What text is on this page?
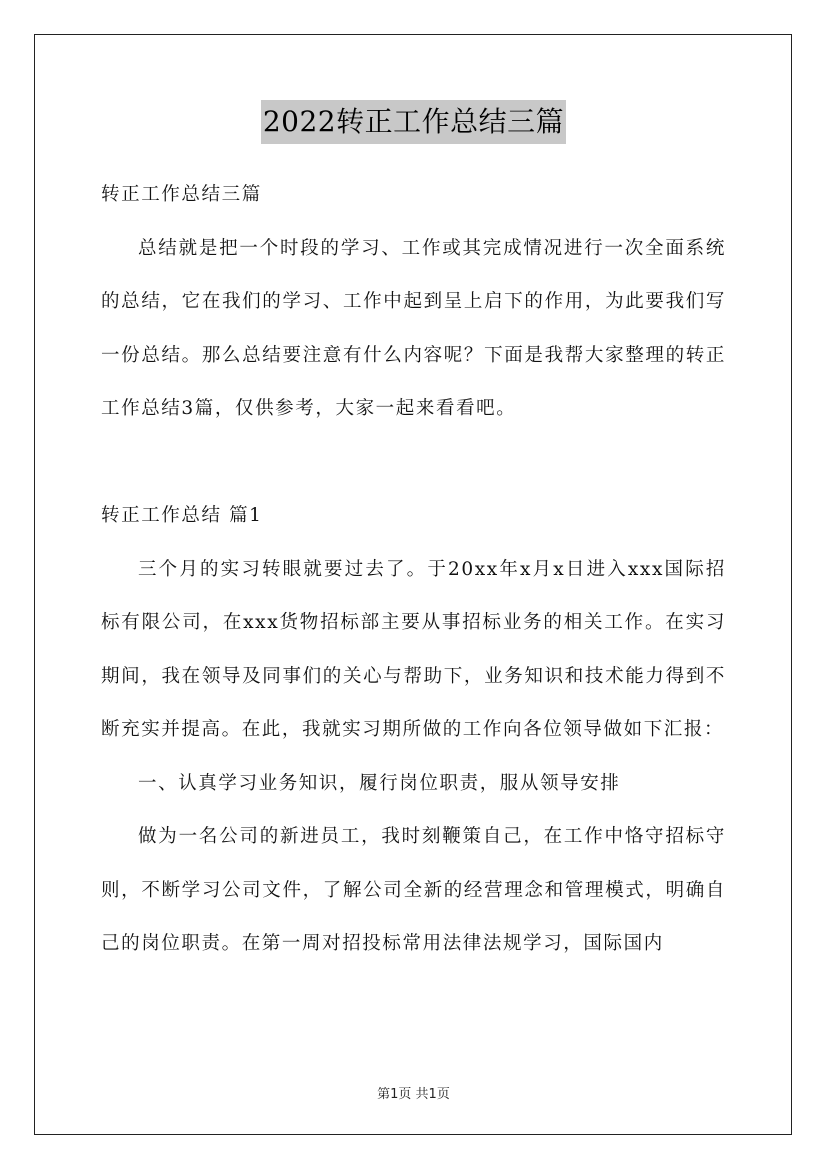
2022转正工作总结三篇

转正工作总结三篇

总结就是把一个时段的学习、工作或其完成情况进行一次全面系统的总结，它在我们的学习、工作中起到呈上启下的作用，为此要我们写一份总结。那么总结要注意有什么内容呢？下面是我帮大家整理的转正工作总结3篇，仅供参考，大家一起来看看吧。

转正工作总结 篇1

三个月的实习转眼就要过去了。于20xx年x月x日进入xxx国际招标有限公司，在xxx货物招标部主要从事招标业务的相关工作。在实习期间，我在领导及同事们的关心与帮助下，业务知识和技术能力得到不断充实并提高。在此，我就实习期所做的工作向各位领导做如下汇报：

一、认真学习业务知识，履行岗位职责，服从领导安排

做为一名公司的新进员工，我时刻鞭策自己，在工作中恪守招标守则，不断学习公司文件，了解公司全新的经营理念和管理模式，明确自己的岗位职责。在第一周对招投标常用法律法规学习，国际国内

第1页 共1页
